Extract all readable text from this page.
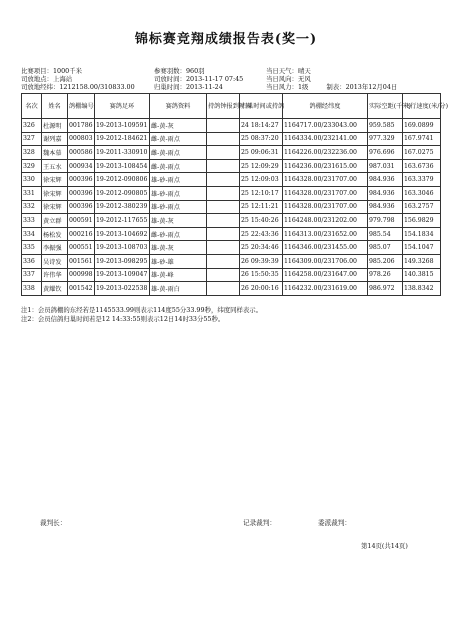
锦标赛竞翔成绩报告表(奖一)
比赛项目：1000千米	参赛羽数：960羽	当日天气：晴天
司放地点：上海站	司放时间：2013-11-17 07:45	当日风向：无风
司放地经纬：1212158.00/310833.00	归巢时间：2013-11-24	当日风力：1级	制表：2013年12月04日
名次	姓名	鸽棚编号	赛鸽足环	赛鸽资料	持鸽钟报到时间	归巢时间或持鸽	鸽棚经纬度	实际空距(千米)	飞行速度(米/分)
326	杜源明	001786	19-2013-109591	雌-黄-灰		24 18:14:27	1164717.00/233043.00	959.585	169.0899
327	谢列嘉	000803	19-2012-184621	雌-黄-雨点		25 08:37:20	1164334.00/232141.00	977.329	167.9741
328	魏本慕	000586	19-2011-330910	雌-黄-雨点		25 09:06:31	1164226.00/232236.00	976.696	167.0275
329	王五水	000934	19-2013-108454	雌-黄-雨点		25 12:09:29	1164236.00/231615.00	987.031	163.6736
330	徐宋辉	000396	19-2012-090806	雄-砂-雨点		25 12:09:03	1164328.00/231707.00	984.936	163.3379
331	徐宋辉	000396	19-2012-090805	雄-砂-雨点		25 12:10:17	1164328.00/231707.00	984.936	163.3046
332	徐宋辉	000396	19-2012-380239	雄-砂-雨点		25 12:11:21	1164328.00/231707.00	984.936	163.2757
333	黄立群	000591	19-2012-117655	雄-黄-灰		25 15:40:26	1164248.00/231202.00	979.798	156.9829
334	杨松发	000216	19-2013-104692	雌-砂-雨点		25 22:43:36	1164313.00/231652.00	985.54	154.1834
335	李振强	000551	19-2013-108703	雄-黄-灰		25 20:34:46	1164346.00/231455.00	985.07	154.1047
336	吴诗发	001561	19-2013-098295	雄-砂-雄		26 09:39:39	1164309.00/231706.00	985.206	149.3268
337	许伟华	000998	19-2013-109047	雄-黄-峰		26 15:50:35	1164258.00/231647.00	978.26	140.3815
338	黄耀钦	001542	19-2013-022538	雄-黄-雨白		26 20:00:16	1164232.00/231619.00	986.972	138.8342
注1：会员鸽棚的东经若是1145533.99则表示114度55分33.99秒，纬度同样表示。
注2：会员信鸽归巢时间若是12 14:33:55则表示12日14时33分55秒。
裁判长：	记录裁判：	委派裁判：
第14页(共14页)
